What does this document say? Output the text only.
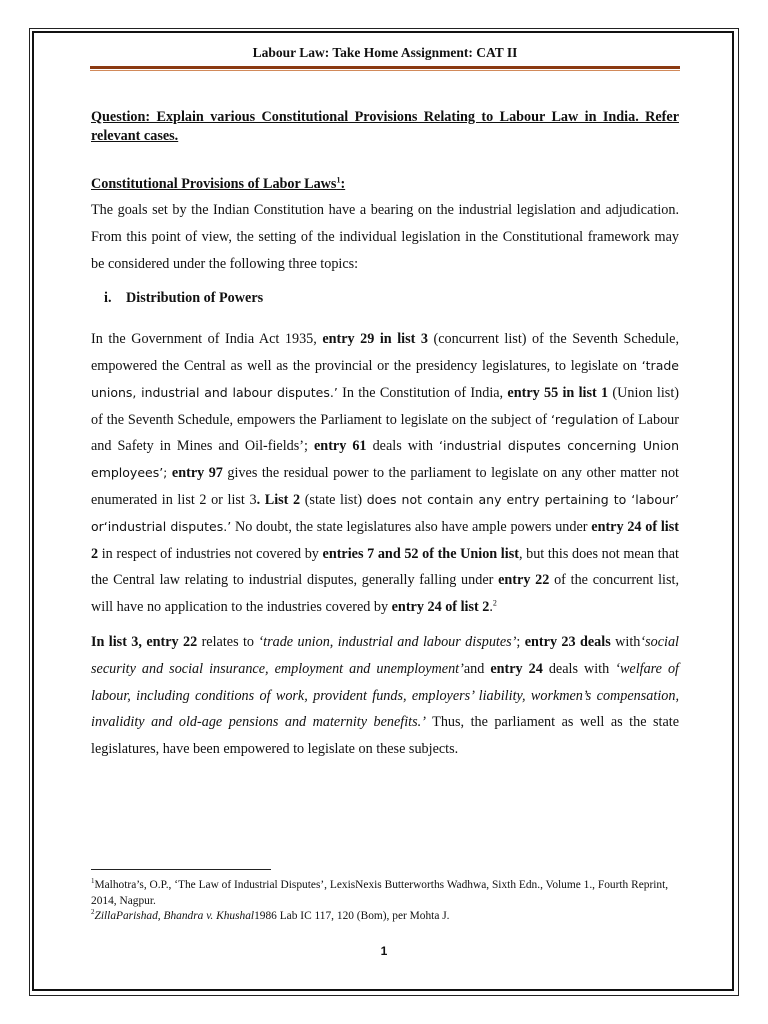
Labour Law: Take Home Assignment: CAT II

Question: Explain various Constitutional Provisions Relating to Labour Law in India. Refer relevant cases.

Constitutional Provisions of Labor Laws$^1$:

The goals set by the Indian Constitution have a bearing on the industrial legislation and adjudication. From this point of view, the setting of the individual legislation in the Constitutional framework may be considered under the following three topics:

i. Distribution of Powers

In the Government of India Act 1935, entry 29 in list 3 (concurrent list) of the Seventh Schedule, empowered the Central as well as the provincial or the presidency legislatures, to legislate on ‘trade unions, industrial and labour disputes.’ In the Constitution of India, entry 55 in list 1 (Union list) of the Seventh Schedule, empowers the Parliament to legislate on the subject of ‘regulation of Labour and Safety in Mines and Oil-fields’; entry 61 deals with ‘industrial disputes concerning Union employees’; entry 97 gives the residual power to the parliament to legislate on any other matter not enumerated in list 2 or list 3. List 2 (state list) does not contain any entry pertaining to ‘labour’ or‘industrial disputes.’ No doubt, the state legislatures also have ample powers under entry 24 of list 2 in respect of industries not covered by entries 7 and 52 of the Union list, but this does not mean that the Central law relating to industrial disputes, generally falling under entry 22 of the concurrent list, will have no application to the industries covered by entry 24 of list 2.$^2$

In list 3, entry 22 relates to ‘trade union, industrial and labour disputes’; entry 23 deals with‘social security and social insurance, employment and unemployment’and entry 24 deals with ‘welfare of labour, including conditions of work, provident funds, employers’ liability, workmen’s compensation, invalidity and old-age pensions and maternity benefits.’ Thus, the parliament as well as the state legislatures, have been empowered to legislate on these subjects.

$^1$Malhotra’s, O.P., ‘The Law of Industrial Disputes’, LexisNexis Butterworths Wadhwa, Sixth Edn., Volume 1., Fourth Reprint, 2014, Nagpur.
$^2$ZillaParishad, Bhandra v. Khushal1986 Lab IC 117, 120 (Bom), per Mohta J.
1
